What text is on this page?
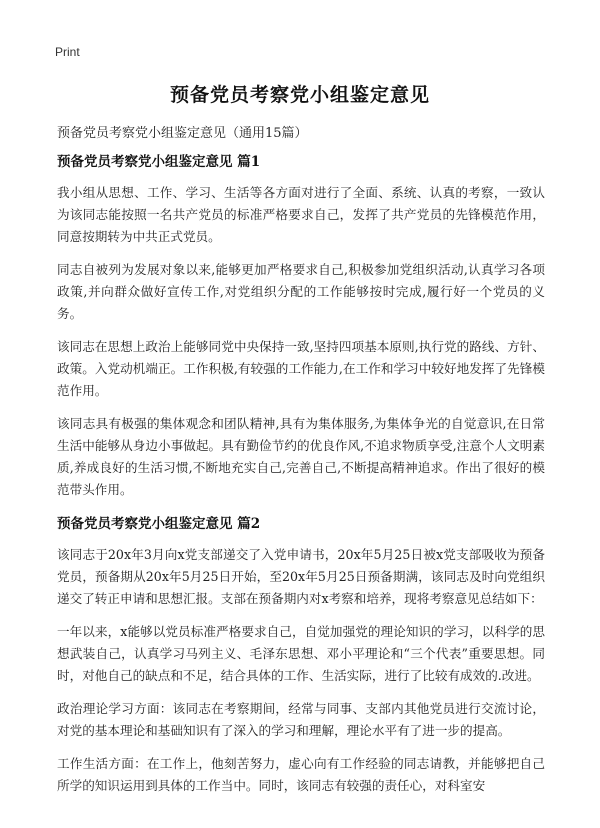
Print
预备党员考察党小组鉴定意见
预备党员考察党小组鉴定意见（通用15篇）
预备党员考察党小组鉴定意见 篇1

我小组从思想、工作、学习、生活等各方面对进行了全面、系统、认真的考察，一致认为该同志能按照一名共产党员的标准严格要求自己，发挥了共产党员的先锋模范作用，同意按期转为中共正式党员。

同志自被列为发展对象以来,能够更加严格要求自己,积极参加党组织活动,认真学习各项政策,并向群众做好宣传工作,对党组织分配的工作能够按时完成,履行好一个党员的义务。

该同志在思想上政治上能够同党中央保持一致,坚持四项基本原则,执行党的路线、方针、政策。入党动机端正。工作积极,有较强的工作能力,在工作和学习中较好地发挥了先锋模范作用。

该同志具有极强的集体观念和团队精神,具有为集体服务,为集体争光的自觉意识,在日常生活中能够从身边小事做起。具有勤俭节约的优良作风,不追求物质享受,注意个人文明素质,养成良好的生活习惯,不断地充实自己,完善自己,不断提高精神追求。作出了很好的模范带头作用。

预备党员考察党小组鉴定意见 篇2

该同志于20x年3月向x党支部递交了入党申请书，20x年5月25日被x党支部吸收为预备党员，预备期从20x年5月25日开始，至20x年5月25日预备期满，该同志及时向党组织递交了转正申请和思想汇报。支部在预备期内对x考察和培养，现将考察意见总结如下：

一年以来，x能够以党员标准严格要求自己，自觉加强党的理论知识的学习，以科学的思想武装自己，认真学习马列主义、毛泽东思想、邓小平理论和“三个代表”重要思想。同时，对他自己的缺点和不足，结合具体的工作、生活实际，进行了比较有成效的.改进。

政治理论学习方面：该同志在考察期间，经常与同事、支部内其他党员进行交流讨论，对党的基本理论和基础知识有了深入的学习和理解，理论水平有了进一步的提高。

工作生活方面：在工作上，他刻苦努力，虚心向有工作经验的同志请教，并能够把自己所学的知识运用到具体的工作当中。同时，该同志有较强的责任心，对科室安
